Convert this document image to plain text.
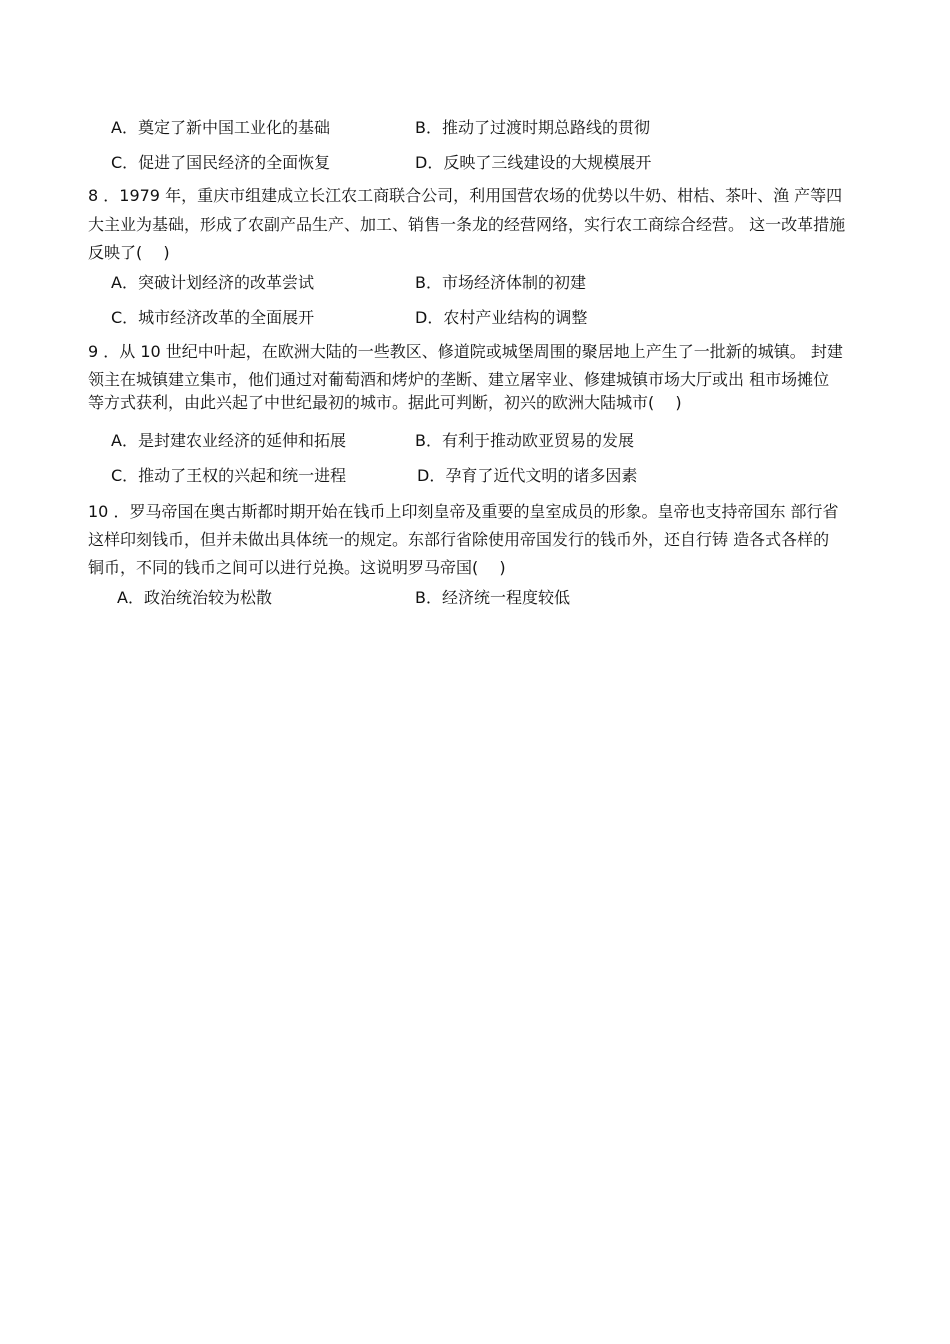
A．奠定了新中国工业化的基础	B．推动了过渡时期总路线的贯彻
C．促进了国民经济的全面恢复	D．反映了三线建设的大规模展开
8 ．1979 年，重庆市组建成立长江农工商联合公司，利用国营农场的优势以牛奶、柑桔、茶叶、渔 产等四
大主业为基础，形成了农副产品生产、加工、销售一条龙的经营网络，实行农工商综合经营。 这一改革措施
反映了(　 )
A．突破计划经济的改革尝试	B．市场经济体制的初建
C．城市经济改革的全面展开	D．农村产业结构的调整
9 ．从 10 世纪中叶起，在欧洲大陆的一些教区、修道院或城堡周围的聚居地上产生了一批新的城镇。 封建
领主在城镇建立集市，他们通过对葡萄酒和烤炉的垄断、建立屠宰业、修建城镇市场大厅或出 租市场摊位
等方式获利，由此兴起了中世纪最初的城市。据此可判断，初兴的欧洲大陆城市(　 )
A．是封建农业经济的延伸和拓展	B．有利于推动欧亚贸易的发展
C．推动了王权的兴起和统一进程	D．孕育了近代文明的诸多因素
10 ．罗马帝国在奥古斯都时期开始在钱币上印刻皇帝及重要的皇室成员的形象。皇帝也支持帝国东 部行省
这样印刻钱币，但并未做出具体统一的规定。东部行省除使用帝国发行的钱币外，还自行铸 造各式各样的
铜币，不同的钱币之间可以进行兑换。这说明罗马帝国(　 )
A．政治统治较为松散	B．经济统一程度较低
